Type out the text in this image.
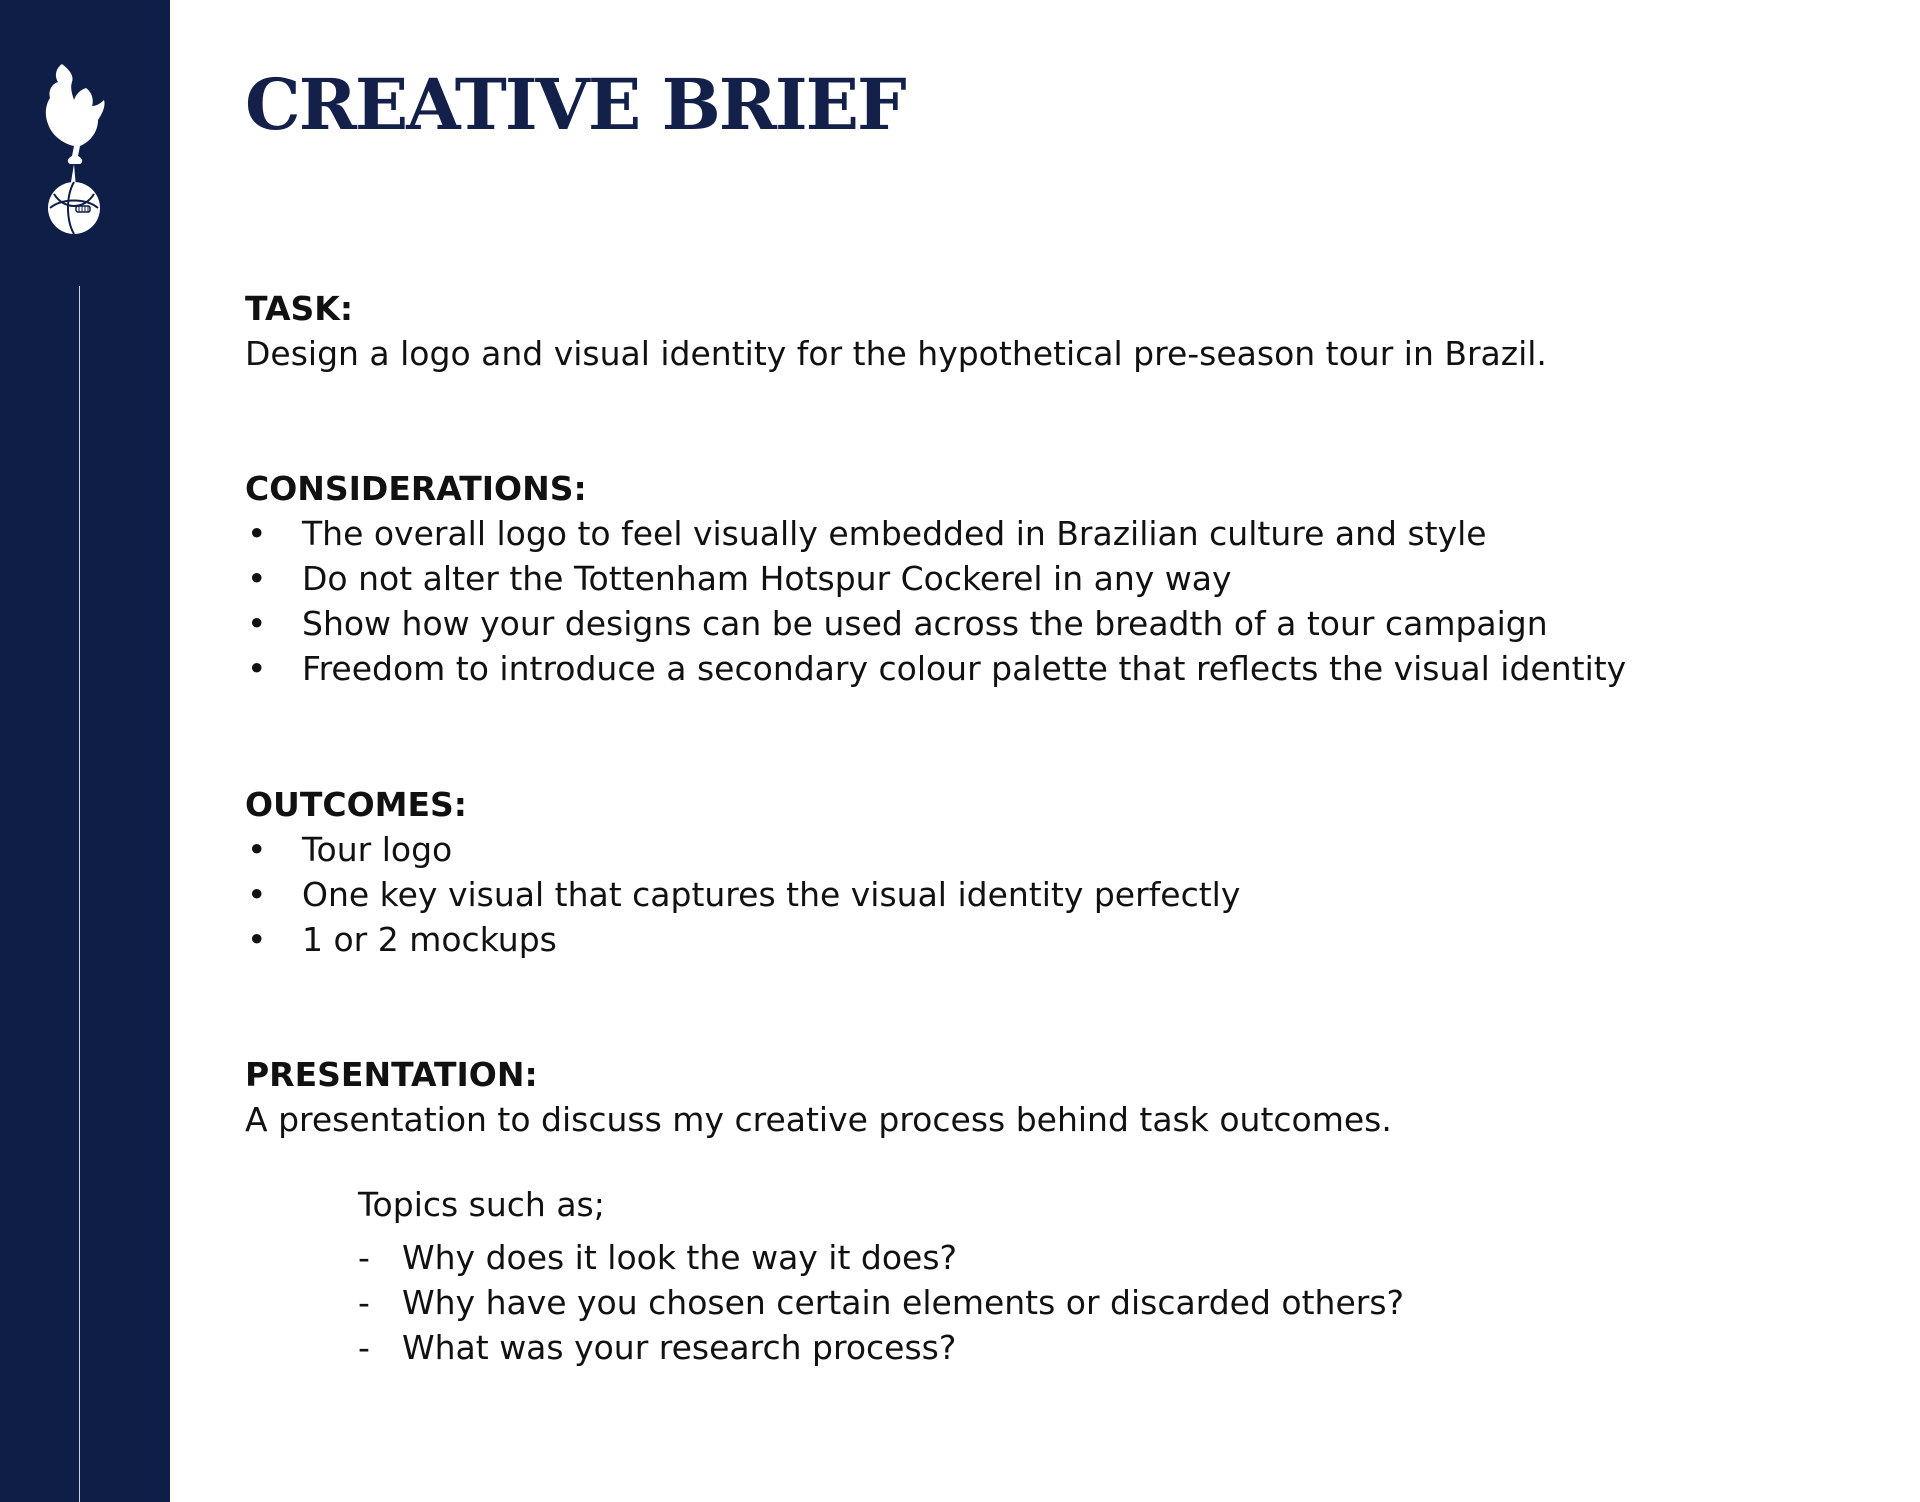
CREATIVE BRIEF
TASK:
Design a logo and visual identity for the hypothetical pre-season tour in Brazil.
CONSIDERATIONS:
• The overall logo to feel visually embedded in Brazilian culture and style
• Do not alter the Tottenham Hotspur Cockerel in any way
• Show how your designs can be used across the breadth of a tour campaign
• Freedom to introduce a secondary colour palette that reflects the visual identity
OUTCOMES:
• Tour logo
• One key visual that captures the visual identity perfectly
• 1 or 2 mockups
PRESENTATION:
A presentation to discuss my creative process behind task outcomes.
Topics such as;
- Why does it look the way it does?
- Why have you chosen certain elements or discarded others?
- What was your research process?
